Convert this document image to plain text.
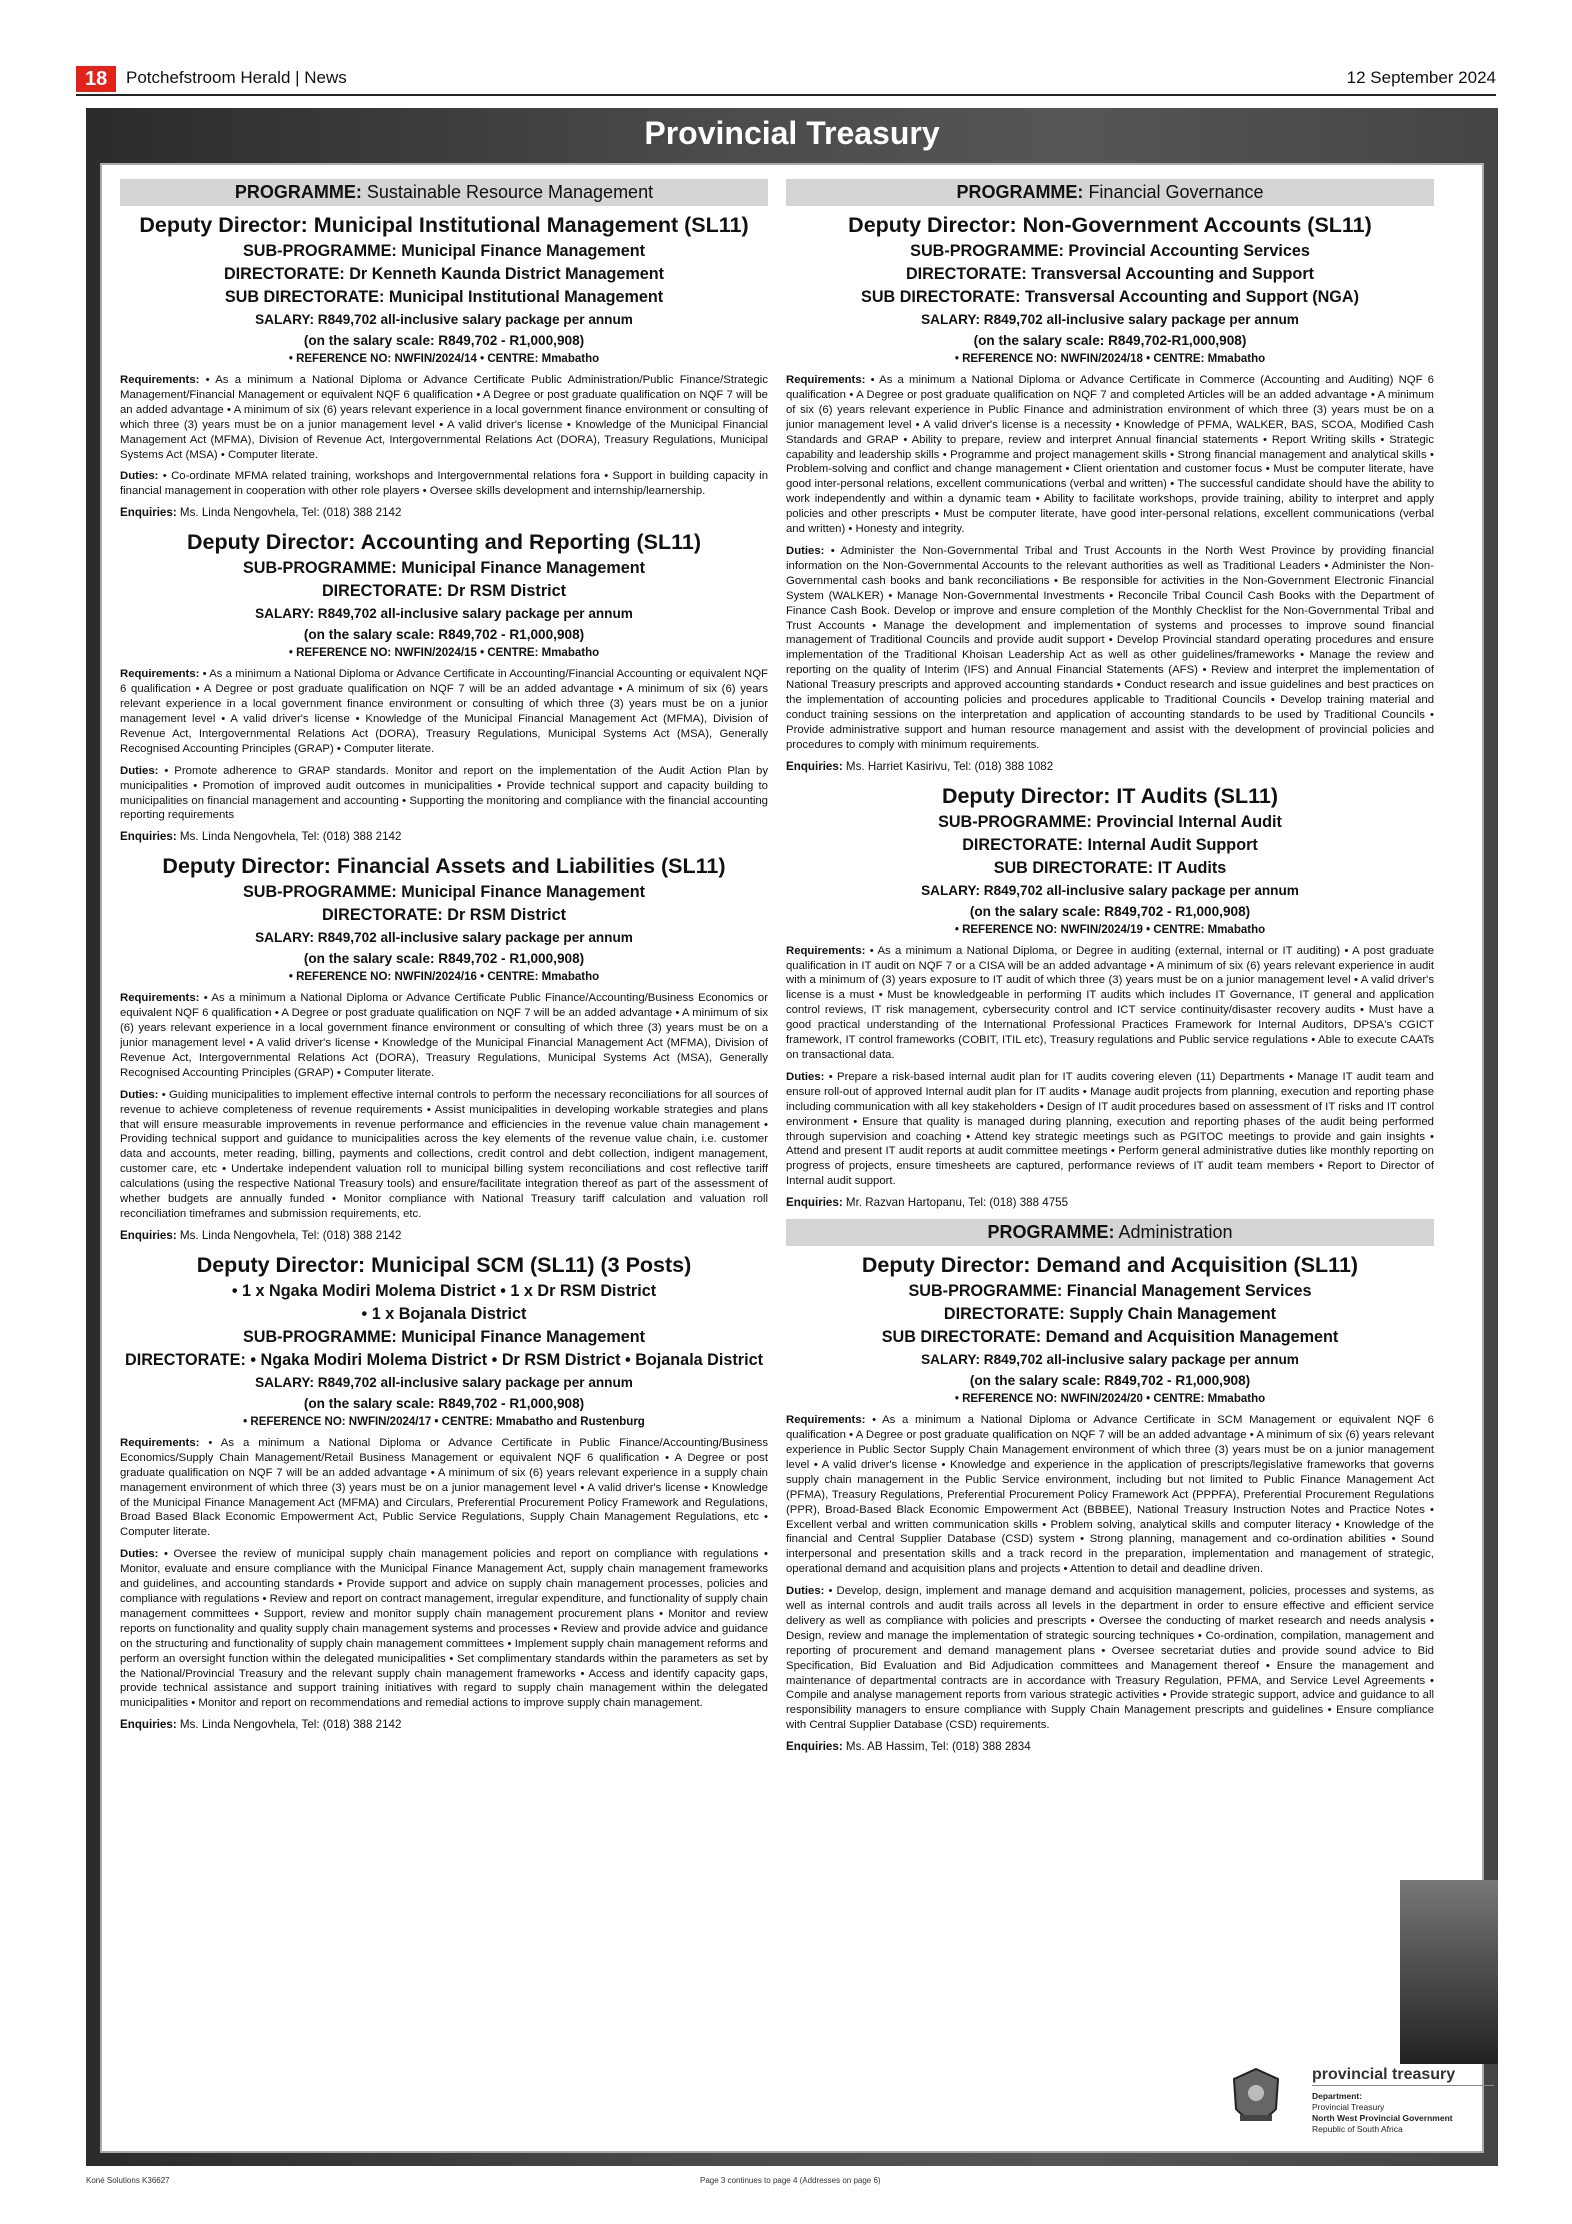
18	Potchefstroom Herald | News	12 September 2024
Provincial Treasury
PROGRAMME: Sustainable Resource Management
Deputy Director: Municipal Institutional Management (SL11)
SUB-PROGRAMME: Municipal Finance Management
DIRECTORATE: Dr Kenneth Kaunda District Management
SUB DIRECTORATE: Municipal Institutional Management
SALARY: R849,702 all-inclusive salary package per annum
(on the salary scale: R849,702 - R1,000,908)
• REFERENCE NO: NWFIN/2024/14 • CENTRE: Mmabatho
Requirements: • As a minimum a National Diploma or Advance Certificate Public Administration/Public Finance/Strategic Management/Financial Management or equivalent NQF 6 qualification • A Degree or post graduate qualification on NQF 7 will be an added advantage • A minimum of six (6) years relevant experience in a local government finance environment or consulting of which three (3) years must be on a junior management level • A valid driver's license • Knowledge of the Municipal Financial Management Act (MFMA), Division of Revenue Act, Intergovernmental Relations Act (DORA), Treasury Regulations, Municipal Systems Act (MSA) • Computer literate.
Duties: • Co-ordinate MFMA related training, workshops and Intergovernmental relations fora • Support in building capacity in financial management in cooperation with other role players • Oversee skills development and internship/learnership.
Enquiries: Ms. Linda Nengovhela, Tel: (018) 388 2142
Deputy Director: Accounting and Reporting (SL11)
SUB-PROGRAMME: Municipal Finance Management
DIRECTORATE: Dr RSM District
SALARY: R849,702 all-inclusive salary package per annum
(on the salary scale: R849,702 - R1,000,908)
• REFERENCE NO: NWFIN/2024/15 • CENTRE: Mmabatho
Requirements: • As a minimum a National Diploma or Advance Certificate in Accounting/Financial Accounting or equivalent NQF 6 qualification • A Degree or post graduate qualification on NQF 7 will be an added advantage • A minimum of six (6) years relevant experience in a local government finance environment or consulting of which three (3) years must be on a junior management level • A valid driver's license • Knowledge of the Municipal Financial Management Act (MFMA), Division of Revenue Act, Intergovernmental Relations Act (DORA), Treasury Regulations, Municipal Systems Act (MSA), Generally Recognised Accounting Principles (GRAP) • Computer literate.
Duties: • Promote adherence to GRAP standards. Monitor and report on the implementation of the Audit Action Plan by municipalities • Promotion of improved audit outcomes in municipalities • Provide technical support and capacity building to municipalities on financial management and accounting • Supporting the monitoring and compliance with the financial accounting reporting requirements
Enquiries: Ms. Linda Nengovhela, Tel: (018) 388 2142
Deputy Director: Financial Assets and Liabilities (SL11)
SUB-PROGRAMME: Municipal Finance Management
DIRECTORATE: Dr RSM District
SALARY: R849,702 all-inclusive salary package per annum
(on the salary scale: R849,702 - R1,000,908)
• REFERENCE NO: NWFIN/2024/16 • CENTRE: Mmabatho
Requirements: • As a minimum a National Diploma or Advance Certificate Public Finance/Accounting/Business Economics or equivalent NQF 6 qualification • A Degree or post graduate qualification on NQF 7 will be an added advantage • A minimum of six (6) years relevant experience in a local government finance environment or consulting of which three (3) years must be on a junior management level • A valid driver's license • Knowledge of the Municipal Financial Management Act (MFMA), Division of Revenue Act, Intergovernmental Relations Act (DORA), Treasury Regulations, Municipal Systems Act (MSA), Generally Recognised Accounting Principles (GRAP) • Computer literate.
Duties: • Guiding municipalities to implement effective internal controls to perform the necessary reconciliations for all sources of revenue to achieve completeness of revenue requirements • Assist municipalities in developing workable strategies and plans that will ensure measurable improvements in revenue performance and efficiencies in the revenue value chain management • Providing technical support and guidance to municipalities across the key elements of the revenue value chain, i.e. customer data and accounts, meter reading, billing, payments and collections, credit control and debt collection, indigent management, customer care, etc • Undertake independent valuation roll to municipal billing system reconciliations and cost reflective tariff calculations (using the respective National Treasury tools) and ensure/facilitate integration thereof as part of the assessment of whether budgets are annually funded • Monitor compliance with National Treasury tariff calculation and valuation roll reconciliation timeframes and submission requirements, etc.
Enquiries: Ms. Linda Nengovhela, Tel: (018) 388 2142
Deputy Director: Municipal SCM (SL11) (3 Posts)
• 1 x Ngaka Modiri Molema District • 1 x Dr RSM District
• 1 x Bojanala District
SUB-PROGRAMME: Municipal Finance Management
DIRECTORATE: • Ngaka Modiri Molema District • Dr RSM District • Bojanala District
SALARY: R849,702 all-inclusive salary package per annum
(on the salary scale: R849,702 - R1,000,908)
• REFERENCE NO: NWFIN/2024/17 • CENTRE: Mmabatho and Rustenburg
Requirements: • As a minimum a National Diploma or Advance Certificate in Public Finance/Accounting/Business Economics/Supply Chain Management/Retail Business Management or equivalent NQF 6 qualification • A Degree or post graduate qualification on NQF 7 will be an added advantage • A minimum of six (6) years relevant experience in a supply chain management environment of which three (3) years must be on a junior management level • A valid driver's license • Knowledge of the Municipal Finance Management Act (MFMA) and Circulars, Preferential Procurement Policy Framework and Regulations, Broad Based Black Economic Empowerment Act, Public Service Regulations, Supply Chain Management Regulations, etc • Computer literate.
Duties: • Oversee the review of municipal supply chain management policies and report on compliance with regulations • Monitor, evaluate and ensure compliance with the Municipal Finance Management Act, supply chain management frameworks and guidelines, and accounting standards • Provide support and advice on supply chain management processes, policies and compliance with regulations • Review and report on contract management, irregular expenditure, and functionality of supply chain management committees • Support, review and monitor supply chain management procurement plans • Monitor and review reports on functionality and quality supply chain management systems and processes • Review and provide advice and guidance on the structuring and functionality of supply chain management committees • Implement supply chain management reforms and perform an oversight function within the delegated municipalities • Set complimentary standards within the parameters as set by the National/Provincial Treasury and the relevant supply chain management frameworks • Access and identify capacity gaps, provide technical assistance and support training initiatives with regard to supply chain management within the delegated municipalities • Monitor and report on recommendations and remedial actions to improve supply chain management.
Enquiries: Ms. Linda Nengovhela, Tel: (018) 388 2142
PROGRAMME: Financial Governance
Deputy Director: Non-Government Accounts (SL11)
SUB-PROGRAMME: Provincial Accounting Services
DIRECTORATE: Transversal Accounting and Support
SUB DIRECTORATE: Transversal Accounting and Support (NGA)
SALARY: R849,702 all-inclusive salary package per annum
(on the salary scale: R849,702-R1,000,908)
• REFERENCE NO: NWFIN/2024/18 • CENTRE: Mmabatho
Requirements: • As a minimum a National Diploma or Advance Certificate in Commerce (Accounting and Auditing) NQF 6 qualification • A Degree or post graduate qualification on NQF 7 and completed Articles will be an added advantage • A minimum of six (6) years relevant experience in Public Finance and administration environment of which three (3) years must be on a junior management level • A valid driver's license is a necessity • Knowledge of PFMA, WALKER, BAS, SCOA, Modified Cash Standards and GRAP • Ability to prepare, review and interpret Annual financial statements • Report Writing skills • Strategic capability and leadership skills • Programme and project management skills • Strong financial management and analytical skills • Problem-solving and conflict and change management • Client orientation and customer focus • Must be computer literate, have good inter-personal relations, excellent communications (verbal and written) • The successful candidate should have the ability to work independently and within a dynamic team • Ability to facilitate workshops, provide training, ability to interpret and apply policies and other prescripts • Must be computer literate, have good inter-personal relations, excellent communications (verbal and written) • Honesty and integrity.
Duties: • Administer the Non-Governmental Tribal and Trust Accounts in the North West Province by providing financial information on the Non-Governmental Accounts to the relevant authorities as well as Traditional Leaders • Administer the Non-Governmental cash books and bank reconciliations • Be responsible for activities in the Non-Government Electronic Financial System (WALKER) • Manage Non-Governmental Investments • Reconcile Tribal Council Cash Books with the Department of Finance Cash Book. Develop or improve and ensure completion of the Monthly Checklist for the Non-Governmental Tribal and Trust Accounts • Manage the development and implementation of systems and processes to improve sound financial management of Traditional Councils and provide audit support • Develop Provincial standard operating procedures and ensure implementation of the Traditional Khoisan Leadership Act as well as other guidelines/frameworks • Manage the review and reporting on the quality of Interim (IFS) and Annual Financial Statements (AFS) • Review and interpret the implementation of National Treasury prescripts and approved accounting standards • Conduct research and issue guidelines and best practices on the implementation of accounting policies and procedures applicable to Traditional Councils • Develop training material and conduct training sessions on the interpretation and application of accounting standards to be used by Traditional Councils • Provide administrative support and human resource management and assist with the development of provincial policies and procedures to comply with minimum requirements.
Enquiries: Ms. Harriet Kasirivu, Tel: (018) 388 1082
Deputy Director: IT Audits (SL11)
SUB-PROGRAMME: Provincial Internal Audit
DIRECTORATE: Internal Audit Support
SUB DIRECTORATE: IT Audits
SALARY: R849,702 all-inclusive salary package per annum
(on the salary scale: R849,702 - R1,000,908)
• REFERENCE NO: NWFIN/2024/19 • CENTRE: Mmabatho
Requirements: • As a minimum a National Diploma, or Degree in auditing (external, internal or IT auditing) • A post graduate qualification in IT audit on NQF 7 or a CISA will be an added advantage • A minimum of six (6) years relevant experience in audit with a minimum of (3) years exposure to IT audit of which three (3) years must be on a junior management level • A valid driver's license is a must • Must be knowledgeable in performing IT audits which includes IT Governance, IT general and application control reviews, IT risk management, cybersecurity control and ICT service continuity/disaster recovery audits • Must have a good practical understanding of the International Professional Practices Framework for Internal Auditors, DPSA's CGICT framework, IT control frameworks (COBIT, ITIL etc), Treasury regulations and Public service regulations • Able to execute CAATs on transactional data.
Duties: • Prepare a risk-based internal audit plan for IT audits covering eleven (11) Departments • Manage IT audit team and ensure roll-out of approved Internal audit plan for IT audits • Manage audit projects from planning, execution and reporting phase including communication with all key stakeholders • Design of IT audit procedures based on assessment of IT risks and IT control environment • Ensure that quality is managed during planning, execution and reporting phases of the audit being performed through supervision and coaching • Attend key strategic meetings such as PGITOC meetings to provide and gain insights • Attend and present IT audit reports at audit committee meetings • Perform general administrative duties like monthly reporting on progress of projects, ensure timesheets are captured, performance reviews of IT audit team members • Report to Director of Internal audit support.
Enquiries: Mr. Razvan Hartopanu, Tel: (018) 388 4755
PROGRAMME: Administration
Deputy Director: Demand and Acquisition (SL11)
SUB-PROGRAMME: Financial Management Services
DIRECTORATE: Supply Chain Management
SUB DIRECTORATE: Demand and Acquisition Management
SALARY: R849,702 all-inclusive salary package per annum
(on the salary scale: R849,702 - R1,000,908)
• REFERENCE NO: NWFIN/2024/20 • CENTRE: Mmabatho
Requirements: • As a minimum a National Diploma or Advance Certificate in SCM Management or equivalent NQF 6 qualification • A Degree or post graduate qualification on NQF 7 will be an added advantage • A minimum of six (6) years relevant experience in Public Sector Supply Chain Management environment of which three (3) years must be on a junior management level • A valid driver's license • Knowledge and experience in the application of prescripts/legislative frameworks that governs supply chain management in the Public Service environment, including but not limited to Public Finance Management Act (PFMA), Treasury Regulations, Preferential Procurement Policy Framework Act (PPPFA), Preferential Procurement Regulations (PPR), Broad-Based Black Economic Empowerment Act (BBBEE), National Treasury Instruction Notes and Practice Notes • Excellent verbal and written communication skills • Problem solving, analytical skills and computer literacy • Knowledge of the financial and Central Supplier Database (CSD) system • Strong planning, management and co-ordination abilities • Sound interpersonal and presentation skills and a track record in the preparation, implementation and management of strategic, operational demand and acquisition plans and projects • Attention to detail and deadline driven.
Duties: • Develop, design, implement and manage demand and acquisition management, policies, processes and systems, as well as internal controls and audit trails across all levels in the department in order to ensure effective and efficient service delivery as well as compliance with policies and prescripts • Oversee the conducting of market research and needs analysis • Design, review and manage the implementation of strategic sourcing techniques • Co-ordination, compilation, management and reporting of procurement and demand management plans • Oversee secretariat duties and provide sound advice to Bid Specification, Bid Evaluation and Bid Adjudication committees and Management thereof • Ensure the management and maintenance of departmental contracts are in accordance with Treasury Regulation, PFMA, and Service Level Agreements • Compile and analyse management reports from various strategic activities • Provide strategic support, advice and guidance to all responsibility managers to ensure compliance with Supply Chain Management prescripts and guidelines • Ensure compliance with Central Supplier Database (CSD) requirements.
Enquiries: Ms. AB Hassim, Tel: (018) 388 2834
provincial treasury
Department:
Provincial Treasury
North West Provincial Government
Republic of South Africa
Koné Solutions K36627	Page 3 continues to page 4 (Addresses on page 6)
